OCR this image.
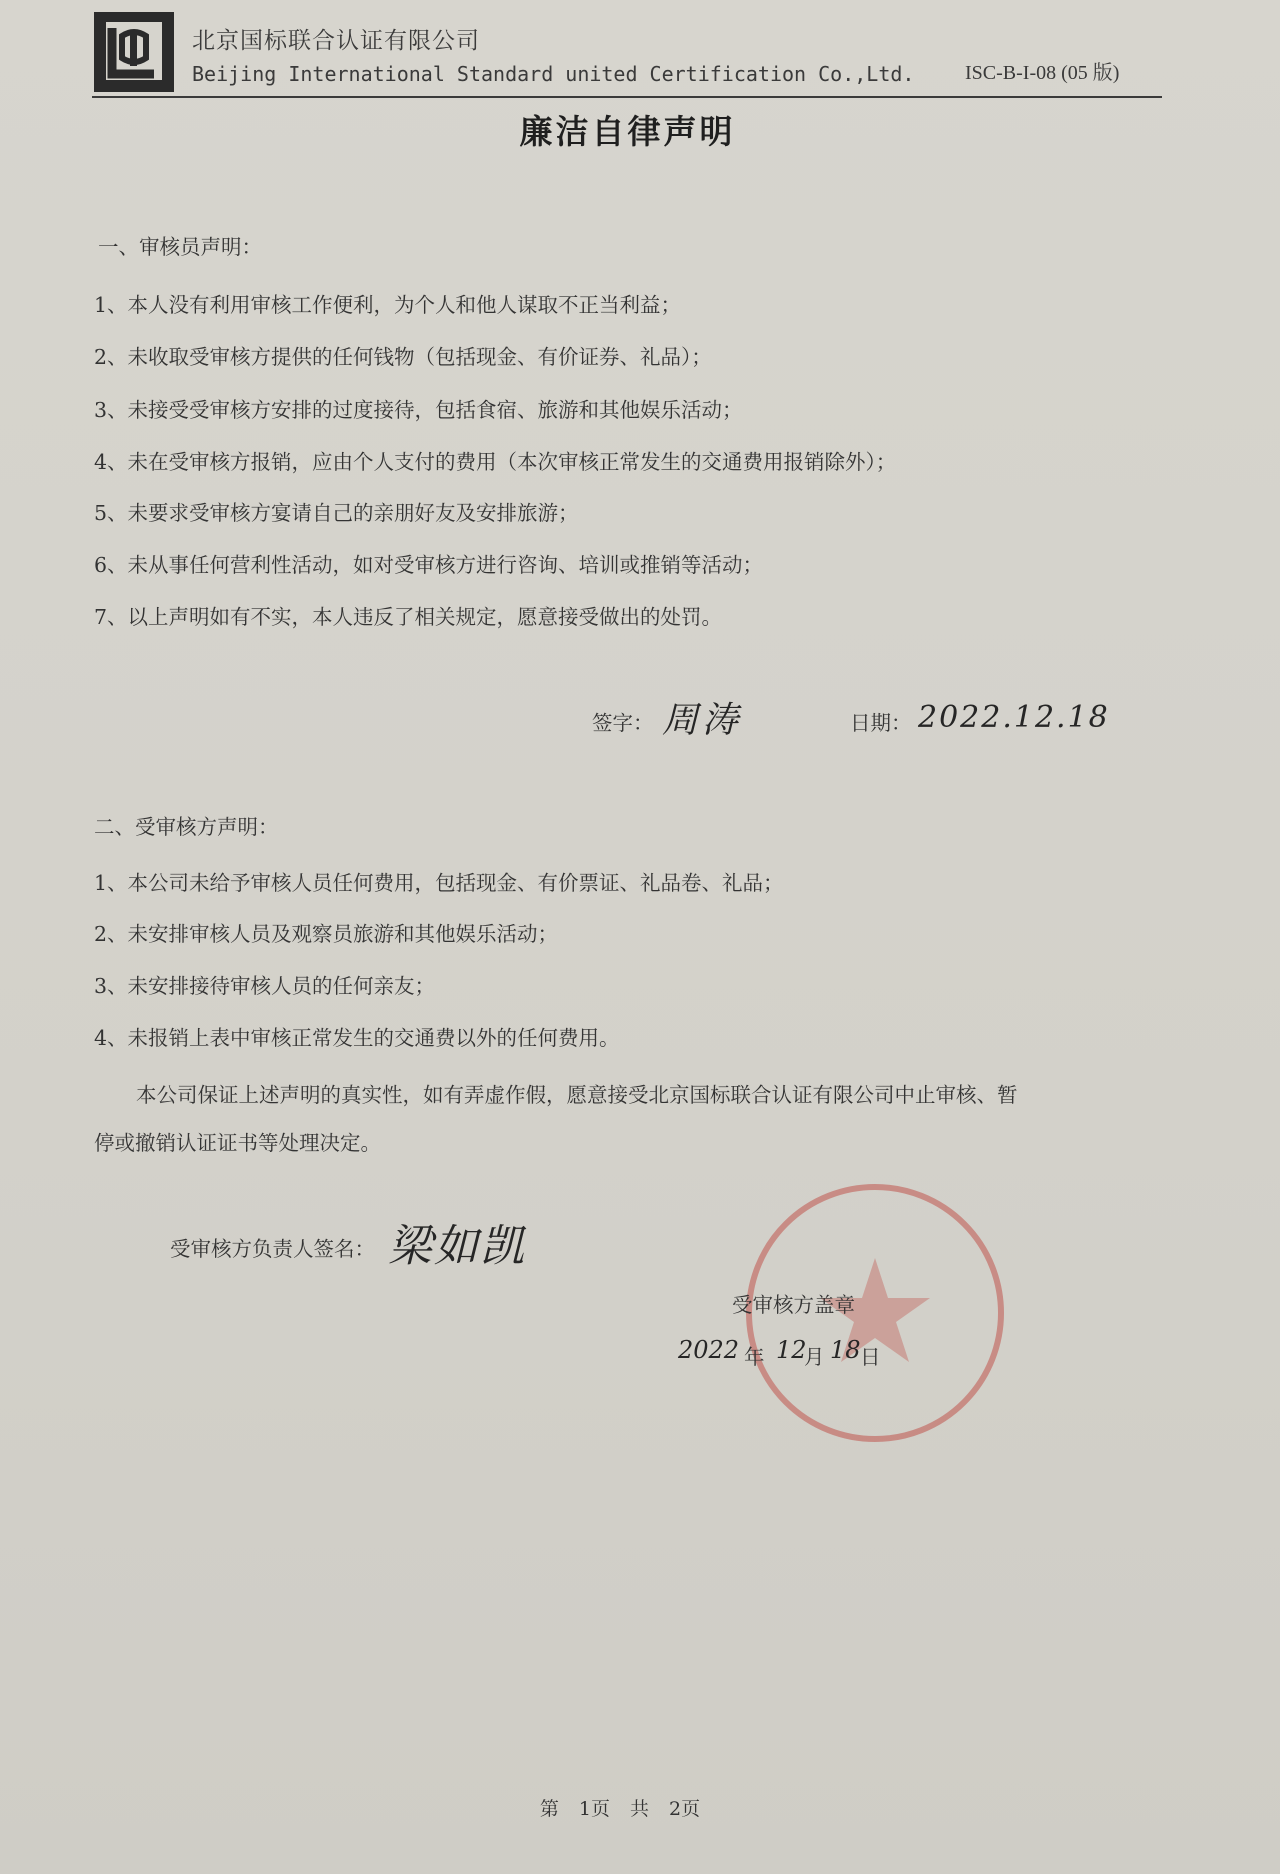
北京国标联合认证有限公司
Beijing International Standard united Certification Co.,Ltd.	ISC-B-I-08 (05 版)
廉洁自律声明
一、审核员声明：
1、本人没有利用审核工作便利，为个人和他人谋取不正当利益；
2、未收取受审核方提供的任何钱物（包括现金、有价证券、礼品）；
3、未接受受审核方安排的过度接待，包括食宿、旅游和其他娱乐活动；
4、未在受审核方报销，应由个人支付的费用（本次审核正常发生的交通费用报销除外）；
5、未要求受审核方宴请自己的亲朋好友及安排旅游；
6、未从事任何营利性活动，如对受审核方进行咨询、培训或推销等活动；
7、以上声明如有不实，本人违反了相关规定，愿意接受做出的处罚。
签字： 周涛	日期： 2022.12.18
二、受审核方声明：
1、本公司未给予审核人员任何费用，包括现金、有价票证、礼品卷、礼品；
2、未安排审核人员及观察员旅游和其他娱乐活动；
3、未安排接待审核人员的任何亲友；
4、未报销上表中审核正常发生的交通费以外的任何费用。
本公司保证上述声明的真实性，如有弄虚作假，愿意接受北京国标联合认证有限公司中止审核、暂
停或撤销认证证书等处理决定。
受审核方负责人签名： 梁如凯
受审核方盖章
2022 年 12
月 18 日
第 1页 共 2页
